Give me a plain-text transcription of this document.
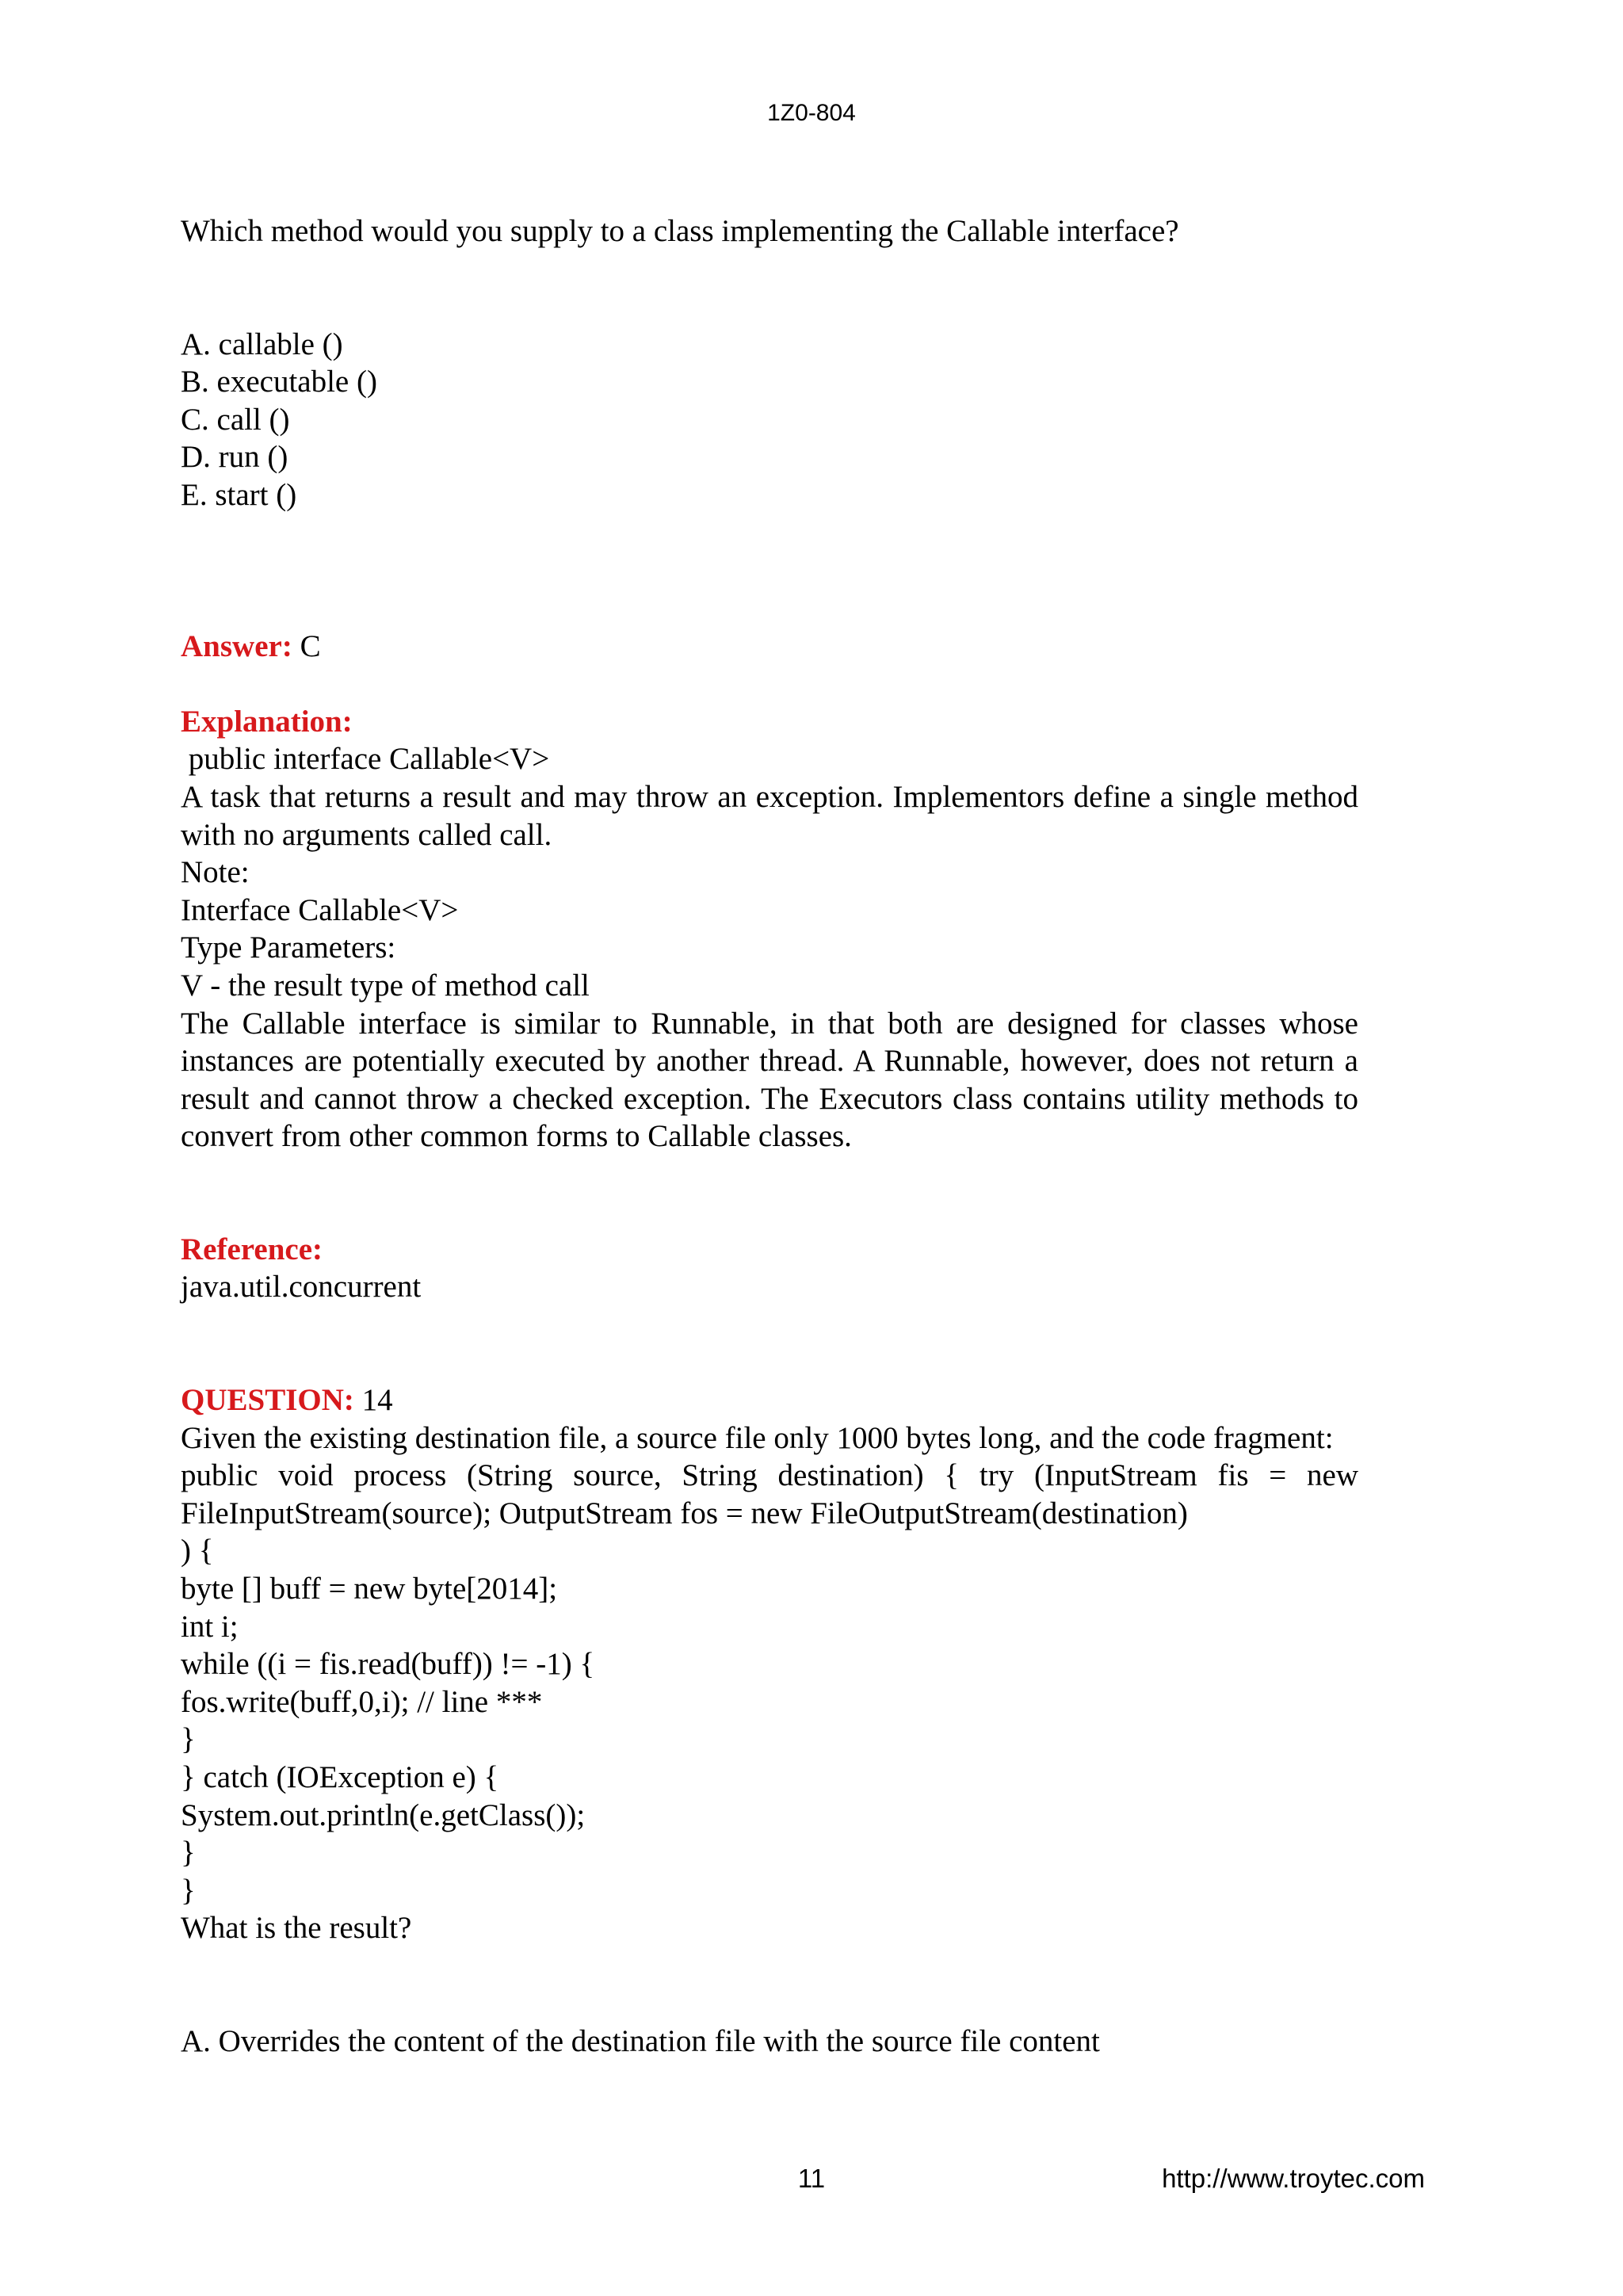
1Z0-804
Which method would you supply to a class implementing the Callable interface?
A. callable ()
B. executable ()
C. call ()
D. run ()
E. start ()
Answer: C
Explanation:
public interface Callable<V>
A task that returns a result and may throw an exception. Implementors define a single method with no arguments called call.
Note:
Interface Callable<V>
Type Parameters:
V - the result type of method call
The Callable interface is similar to Runnable, in that both are designed for classes whose instances are potentially executed by another thread. A Runnable, however, does not return a result and cannot throw a checked exception. The Executors class contains utility methods to convert from other common forms to Callable classes.
Reference:
java.util.concurrent
QUESTION: 14
Given the existing destination file, a source file only 1000 bytes long, and the code fragment:
public void process (String source, String destination) { try (InputStream fis = new FileInputStream(source); OutputStream fos = new FileOutputStream(destination)
) {
byte [] buff = new byte[2014];
int i;
while ((i = fis.read(buff)) != -1) {
fos.write(buff,0,i); // line ***
}
} catch (IOException e) {
System.out.println(e.getClass());
}
}
What is the result?
A. Overrides the content of the destination file with the source file content
11	http://www.troytec.com
